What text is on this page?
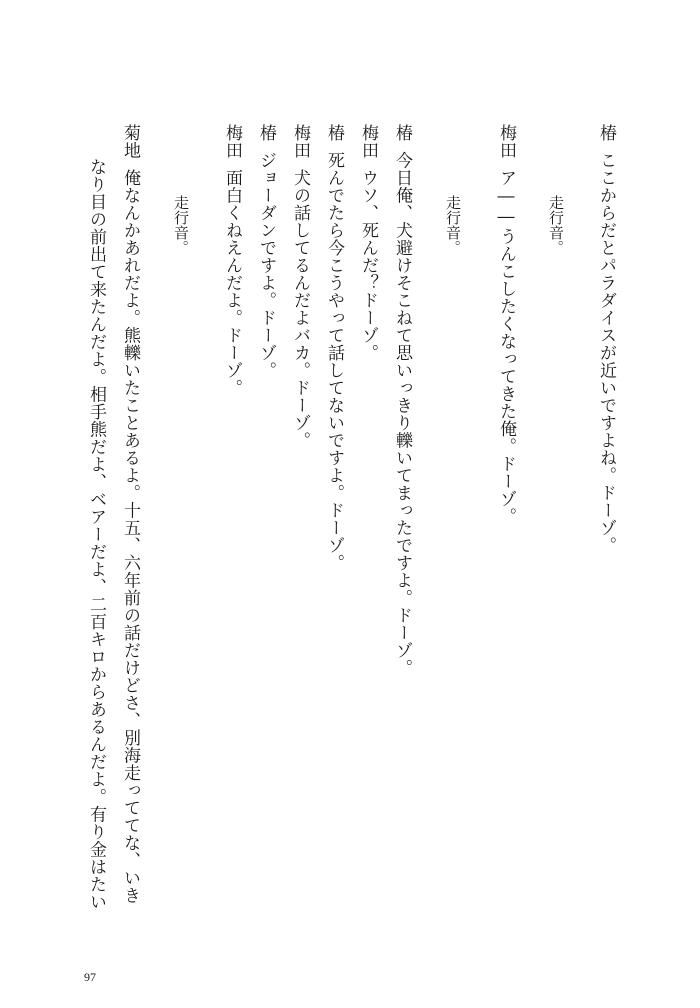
椿ここからだとパラダイスが近いですよね。ドーゾ。
走行音。
梅田ア――うんこしたくなってきた俺。ドーゾ。
走行音。
椿今日俺、犬避けそこねて思いっきり轢いてまったですよ。ドーゾ。
梅田ウソ、死んだ？ドーゾ。
椿死んでたら今こうやって話してないですよ。ドーゾ。
梅田犬の話してるんだよバカ。ドーゾ。
椿ジョーダンですよ。ドーゾ。
梅田面白くねえんだよ。ドーゾ。
走行音。
菊地俺なんかあれだよ。熊轢いたことあるよ。十五、六年前の話だけどさ、別海走っててな、いき
なり目の前出て来たんだよ。相手熊だよ、ベアーだよ、二百キロからあるんだよ。有り金はたい
97
